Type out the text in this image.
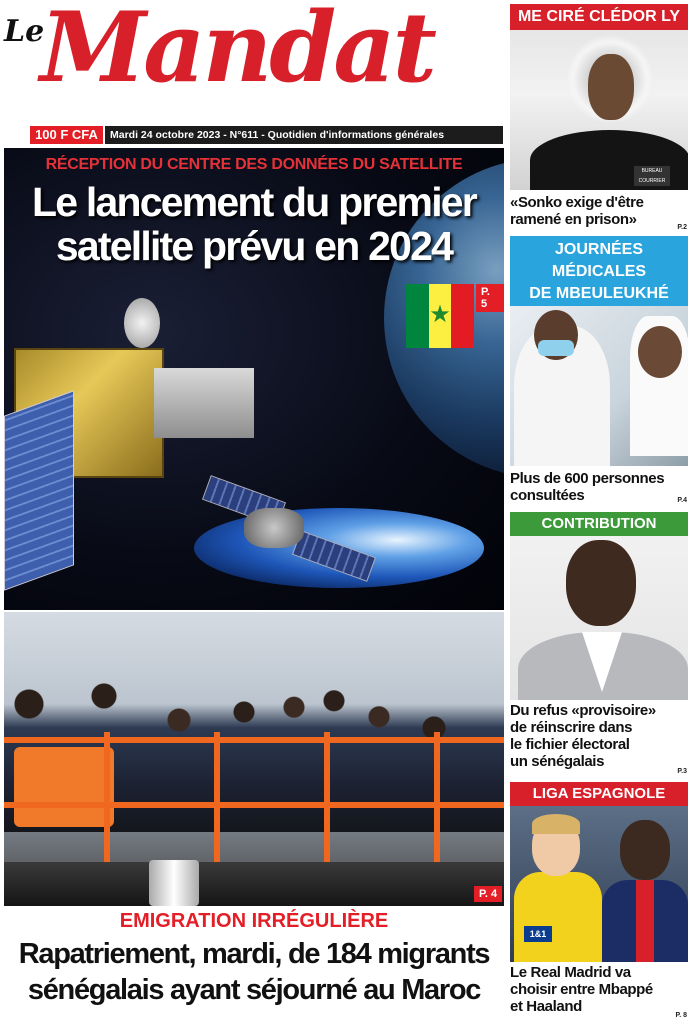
Le
Mandat
100 F CFA	Mardi 24 octobre 2023 - N°611 - Quotidien d'informations générales
RÉCEPTION DU CENTRE DES DONNÉES DU SATELLITE
Le lancement du premier
satellite prévu en 2024
★
P. 5
P. 4
EMIGRATION IRRÉGULIÈRE
Rapatriement, mardi, de 184 migrants
sénégalais ayant séjourné au Maroc
ME CIRÉ CLÉDOR LY
BUREAU COURRIER
«Sonko exige d'être
ramené en prison»	P.2
JOURNÉES
MÉDICALES
DE MBEULEUKHÉ
Plus de 600 personnes
consultées	P.4
CONTRIBUTION
Du refus «provisoire»
de réinscrire dans
le fichier électoral
un sénégalais
P.3
LIGA ESPAGNOLE
1&1
Le Real Madrid va
choisir entre Mbappé
et Haaland
P. 8
